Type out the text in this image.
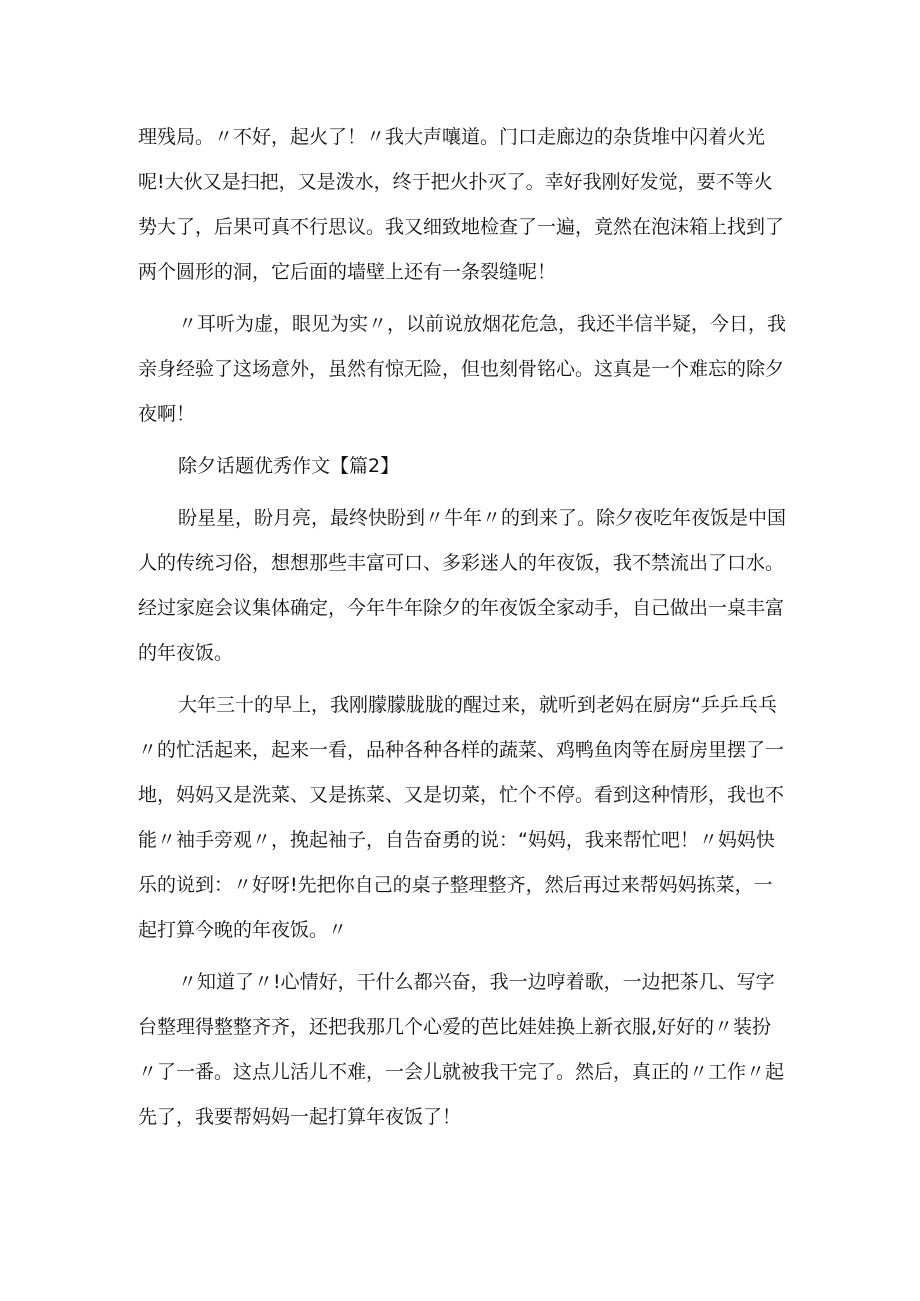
理残局。〃不好，起火了！〃我大声嚷道。门口走廊边的杂货堆中闪着火光呢!大伙又是扫把，又是泼水，终于把火扑灭了。幸好我刚好发觉，要不等火势大了，后果可真不行思议。我又细致地检查了一遍，竟然在泡沫箱上找到了两个圆形的洞，它后面的墙壁上还有一条裂缝呢！

〃耳听为虚，眼见为实〃，以前说放烟花危急，我还半信半疑，今日，我亲身经验了这场意外，虽然有惊无险，但也刻骨铭心。这真是一个难忘的除夕夜啊！

除夕话题优秀作文【篇2】

盼星星，盼月亮，最终快盼到〃牛年〃的到来了。除夕夜吃年夜饭是中国人的传统习俗，想想那些丰富可口、多彩迷人的年夜饭，我不禁流出了口水。经过家庭会议集体确定，今年牛年除夕的年夜饭全家动手，自己做出一桌丰富的年夜饭。

大年三十的早上，我刚朦朦胧胧的醒过来，就听到老妈在厨房“乒乒乓乓〃的忙活起来，起来一看，品种各种各样的蔬菜、鸡鸭鱼肉等在厨房里摆了一地，妈妈又是洗菜、又是拣菜、又是切菜，忙个不停。看到这种情形，我也不能〃袖手旁观〃，挽起袖子，自告奋勇的说：“妈妈，我来帮忙吧！〃妈妈快乐的说到：〃好呀!先把你自己的桌子整理整齐，然后再过来帮妈妈拣菜，一起打算今晚的年夜饭。〃

〃知道了〃!心情好，干什么都兴奋，我一边哼着歌，一边把茶几、写字台整理得整整齐齐，还把我那几个心爱的芭比娃娃换上新衣服,好好的〃装扮〃了一番。这点儿活儿不难，一会儿就被我干完了。然后，真正的〃工作〃起先了，我要帮妈妈一起打算年夜饭了！
